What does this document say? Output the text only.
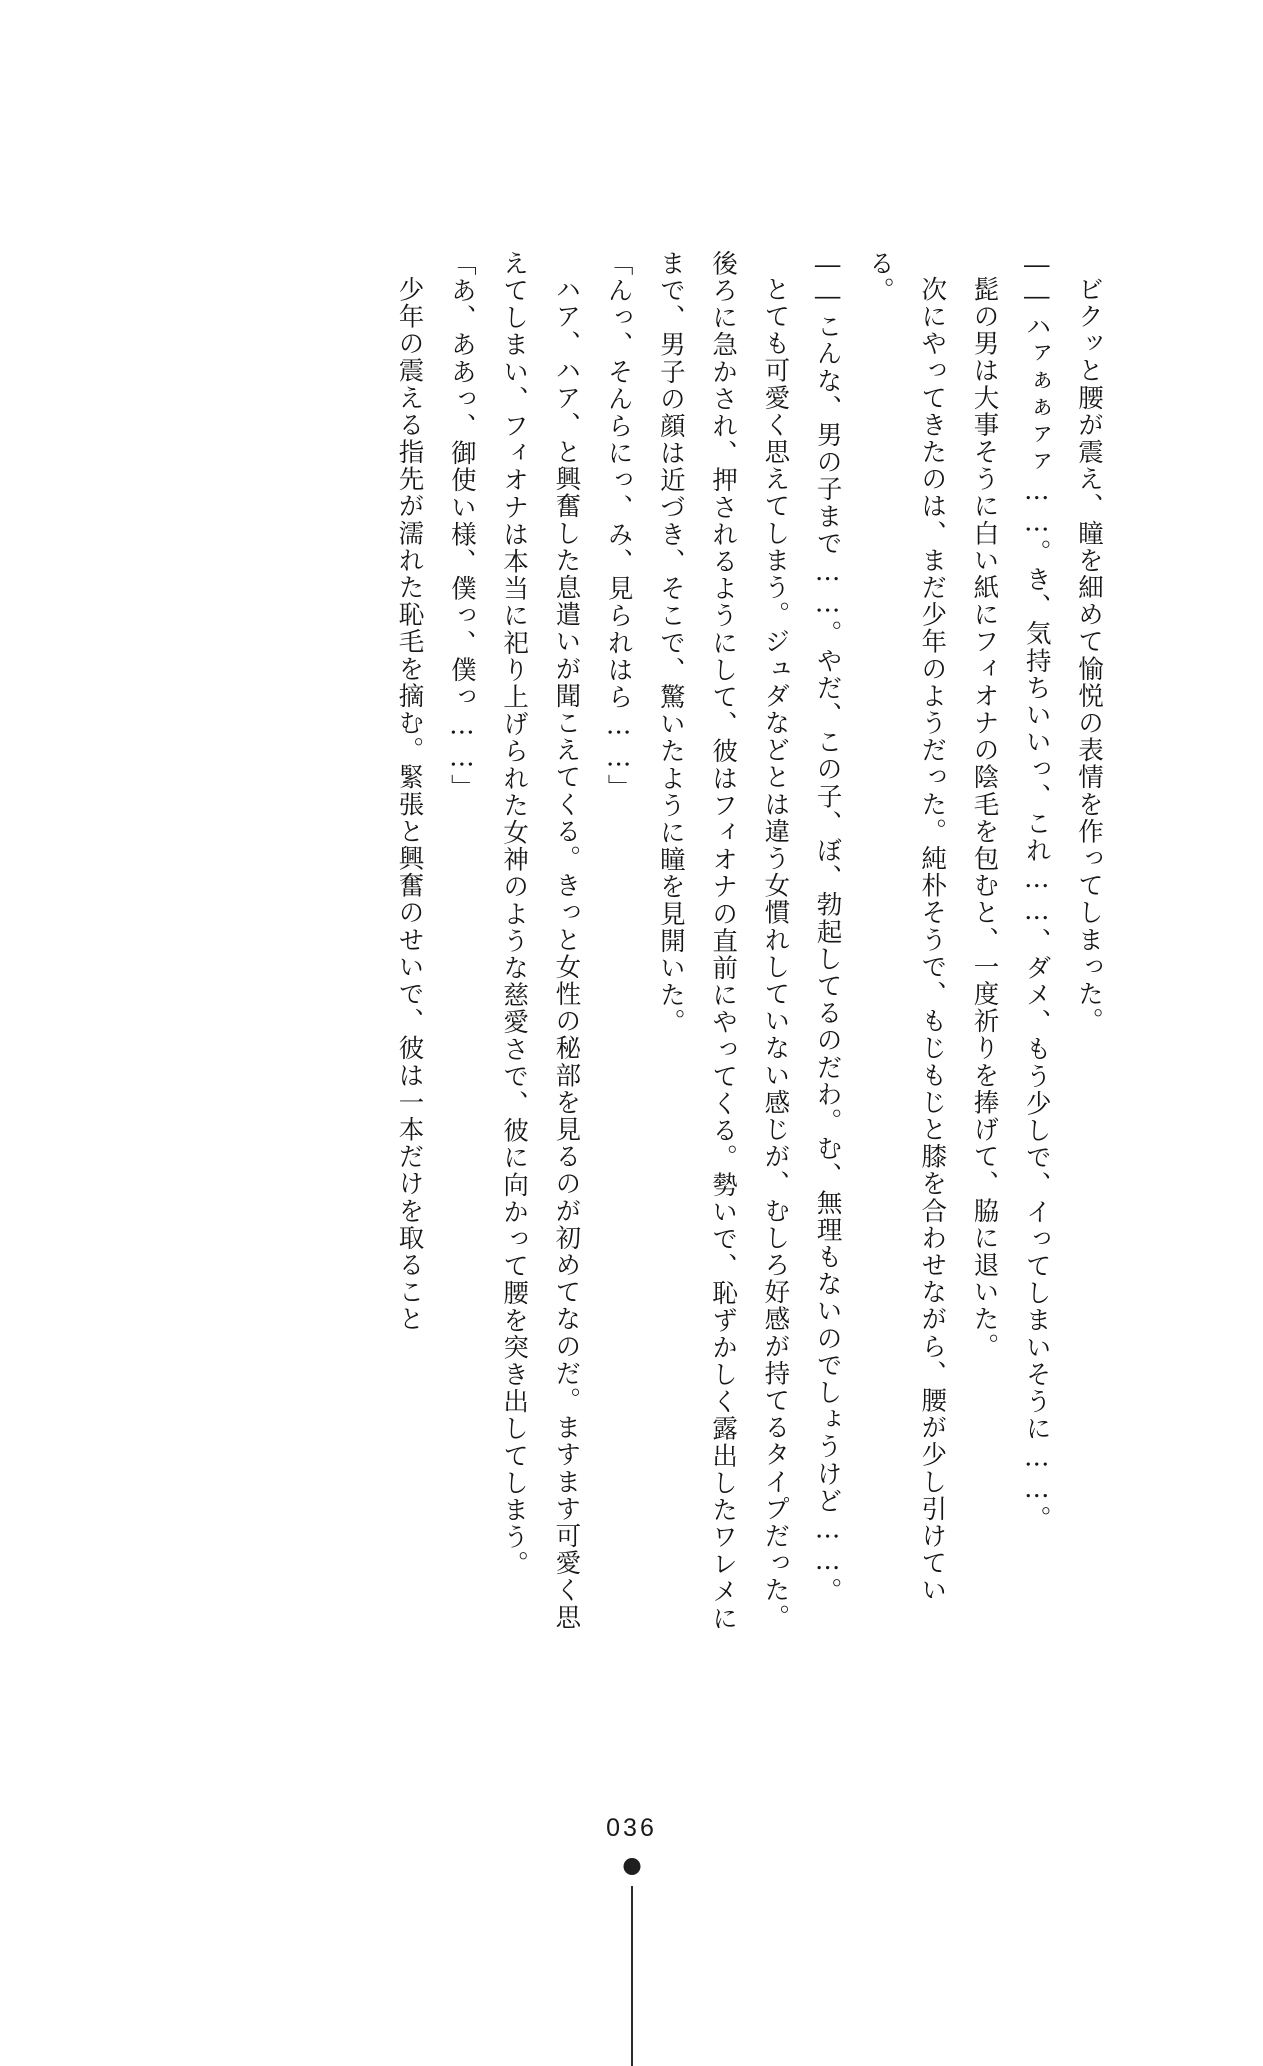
ビクッと腰が震え、瞳を細めて愉悦の表情を作ってしまった。

――ハァぁぁァァ……。き、気持ちいいっ、これ……、ダメ、もう少しで、イってしまいそうに……。

髭の男は大事そうに白い紙にフィオナの陰毛を包むと、一度祈りを捧げて、脇に退いた。

次にやってきたのは、まだ少年のようだった。純朴そうで、もじもじと膝を合わせながら、腰が少し引けている。

――こんな、男の子まで……。やだ、この子、ぼ、勃起してるのだわ。む、無理もないのでしょうけど……。

とても可愛く思えてしまう。ジュダなどとは違う女慣れしていない感じが、むしろ好感が持てるタイプだった。後ろに急かされ、押されるようにして、彼はフィオナの直前にやってくる。勢いで、恥ずかしく露出したワレメにまで、男子の顔は近づき、そこで、驚いたように瞳を見開いた。

「んっ、そんらにっ、み、見られはら……」

ハア、ハア、と興奮した息遣いが聞こえてくる。きっと女性の秘部を見るのが初めてなのだ。ますます可愛く思えてしまい、フィオナは本当に祀り上げられた女神のような慈愛さで、彼に向かって腰を突き出してしまう。

「あ、ああっ、御使い様、僕っ、僕っ……」

少年の震える指先が濡れた恥毛を摘む。緊張と興奮のせいで、彼は一本だけを取ること

036
